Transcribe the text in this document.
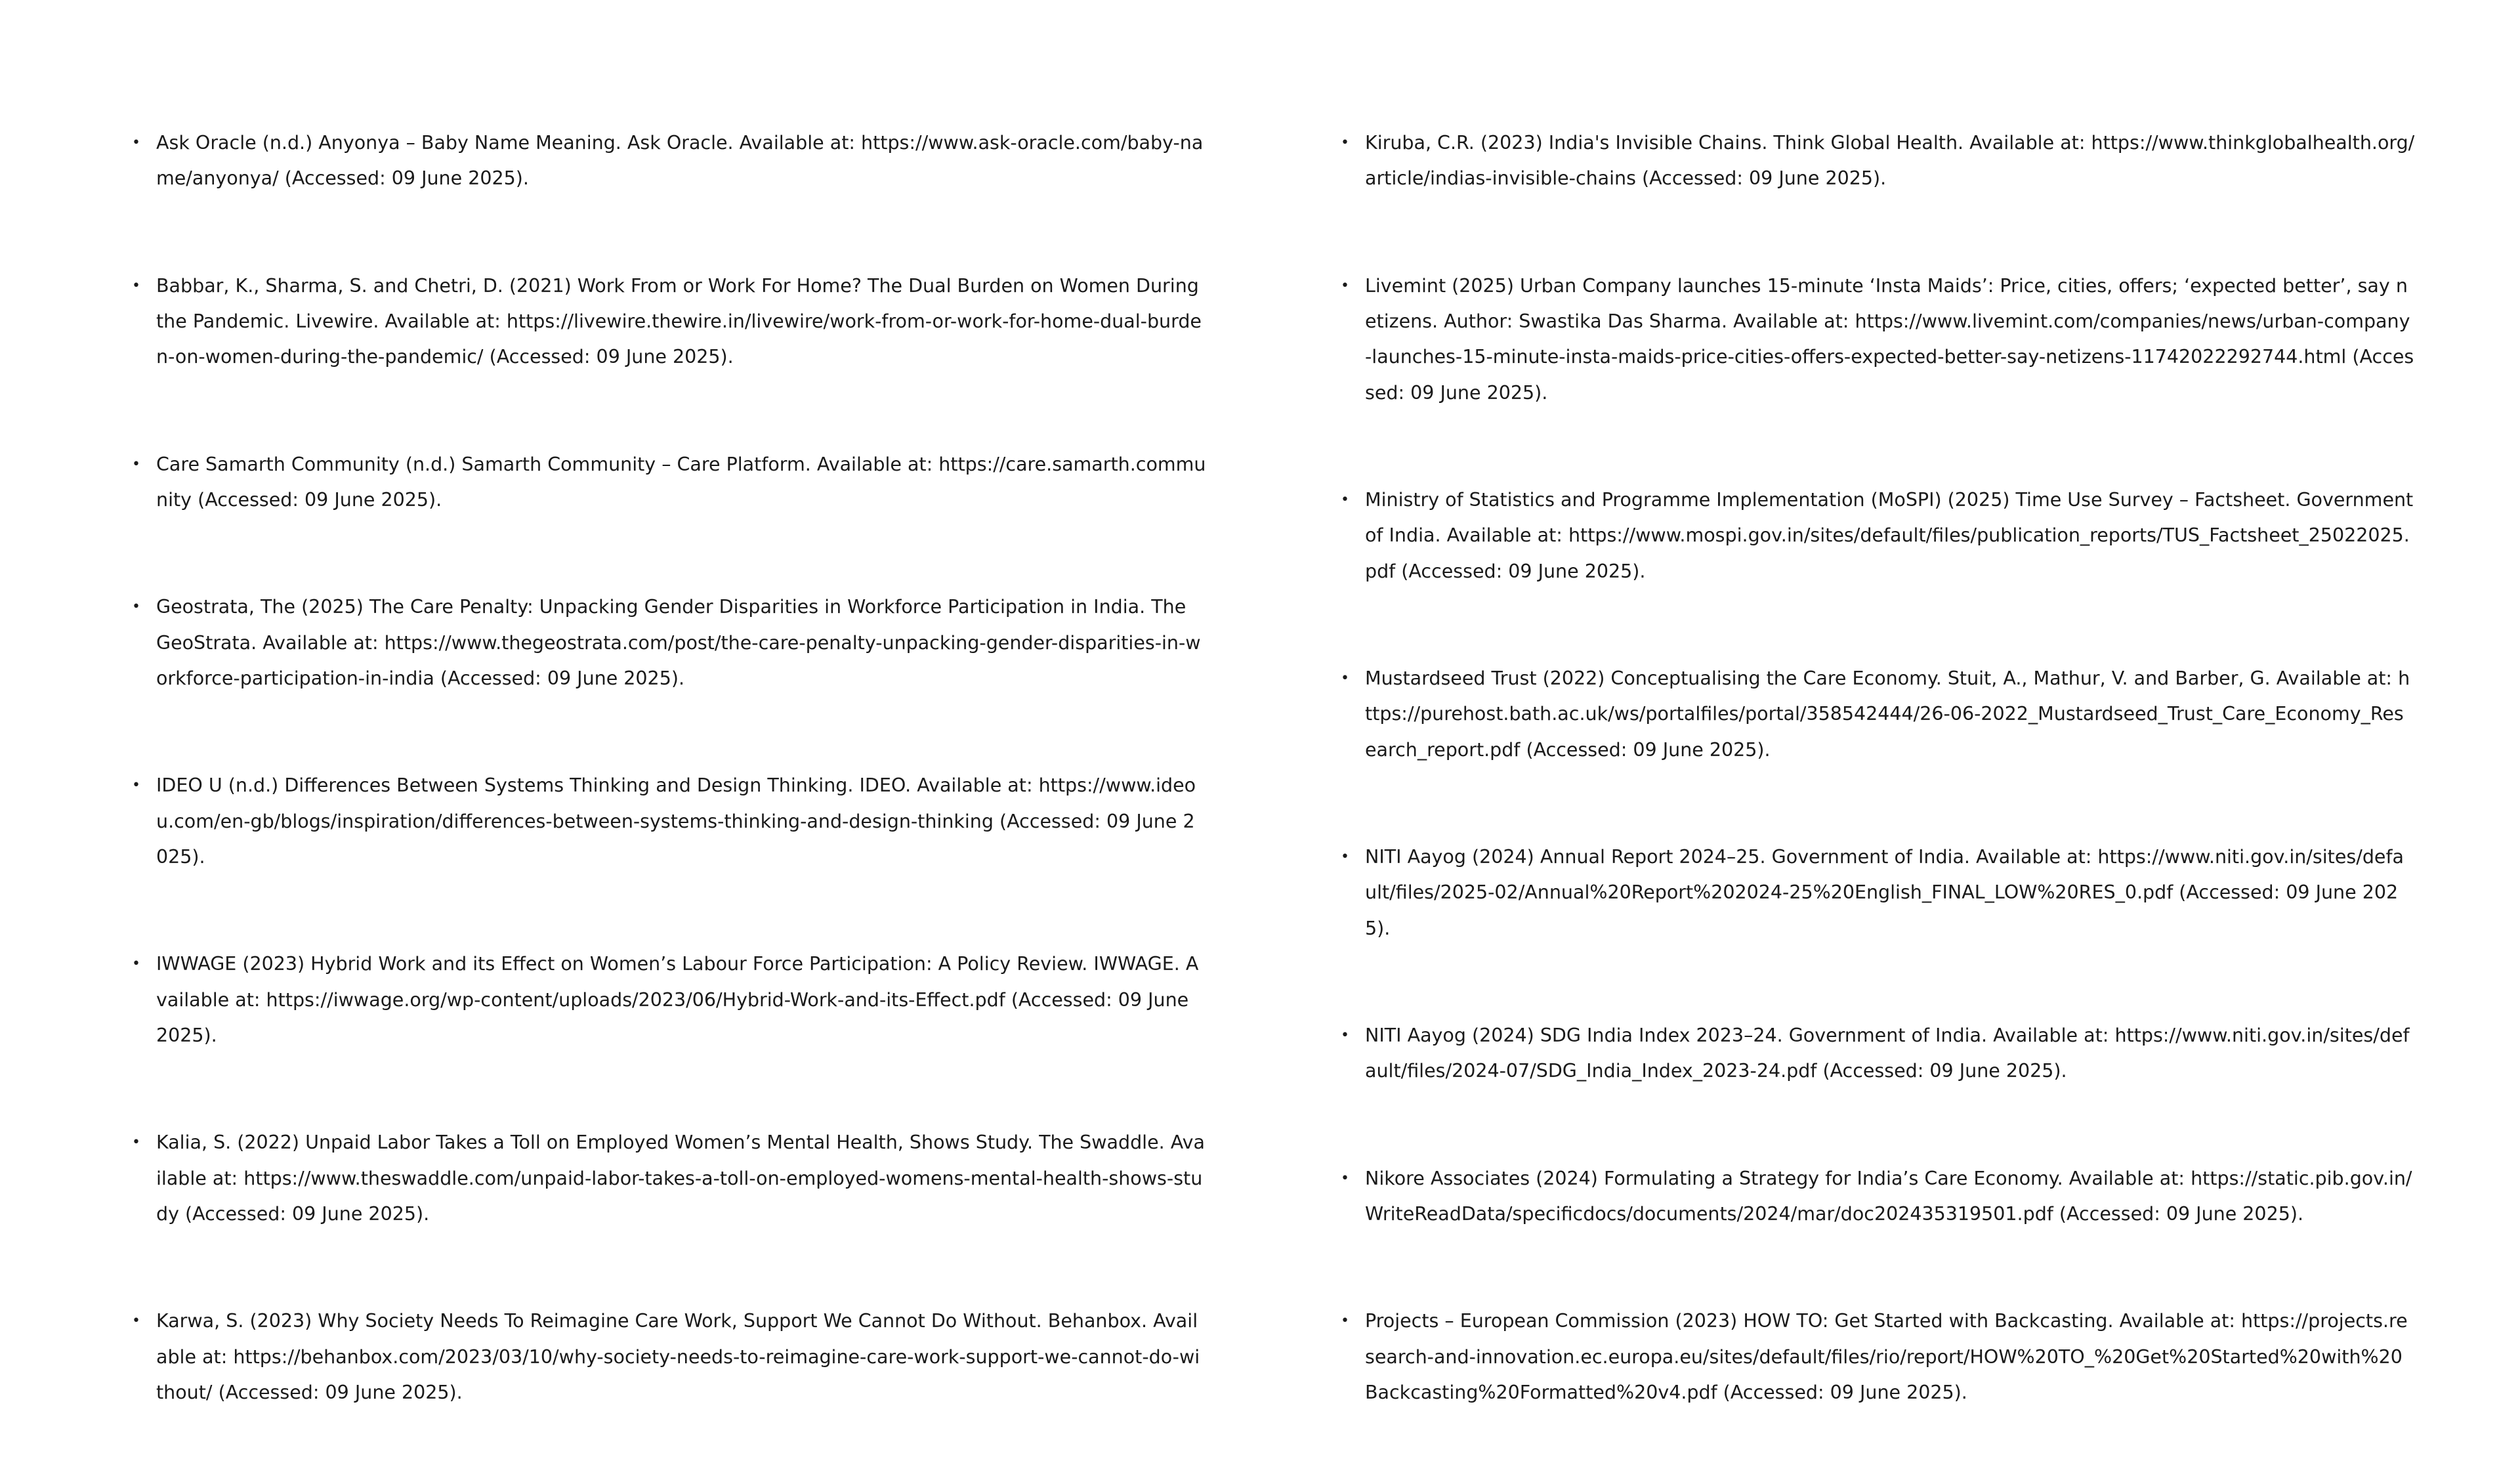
• Ask Oracle (n.d.) Anyonya – Baby Name Meaning. Ask Oracle. Available at: https://www.ask-oracle.com/baby-name/anyonya/ (Accessed: 09 June 2025).
• Babbar, K., Sharma, S. and Chetri, D. (2021) Work From or Work For Home? The Dual Burden on Women During the Pandemic. Livewire. Available at: https://livewire.thewire.in/livewire/work-from-or-work-for-home-dual-burden-on-women-during-the-pandemic/ (Accessed: 09 June 2025).
• Care Samarth Community (n.d.) Samarth Community – Care Platform. Available at: https://care.samarth.community (Accessed: 09 June 2025).
• Geostrata, The (2025) The Care Penalty: Unpacking Gender Disparities in Workforce Participation in India. The GeoStrata. Available at: https://www.thegeostrata.com/post/the-care-penalty-unpacking-gender-disparities-in-workforce-participation-in-india (Accessed: 09 June 2025).
• IDEO U (n.d.) Differences Between Systems Thinking and Design Thinking. IDEO. Available at: https://www.ideou.com/en-gb/blogs/inspiration/differences-between-systems-thinking-and-design-thinking (Accessed: 09 June 2025).
• IWWAGE (2023) Hybrid Work and its Effect on Women’s Labour Force Participation: A Policy Review. IWWAGE. Available at: https://iwwage.org/wp-content/uploads/2023/06/Hybrid-Work-and-its-Effect.pdf (Accessed: 09 June 2025).
• Kalia, S. (2022) Unpaid Labor Takes a Toll on Employed Women’s Mental Health, Shows Study. The Swaddle. Available at: https://www.theswaddle.com/unpaid-labor-takes-a-toll-on-employed-womens-mental-health-shows-study (Accessed: 09 June 2025).
• Karwa, S. (2023) Why Society Needs To Reimagine Care Work, Support We Cannot Do Without. Behanbox. Available at: https://behanbox.com/2023/03/10/why-society-needs-to-reimagine-care-work-support-we-cannot-do-without/ (Accessed: 09 June 2025).
• Kiruba, C.R. (2023) India's Invisible Chains. Think Global Health. Available at: https://www.thinkglobalhealth.org/article/indias-invisible-chains (Accessed: 09 June 2025).
• Livemint (2025) Urban Company launches 15-minute ‘Insta Maids’: Price, cities, offers; ‘expected better’, say netizens. Author: Swastika Das Sharma. Available at: https://www.livemint.com/companies/news/urban-company-launches-15-minute-insta-maids-price-cities-offers-expected-better-say-netizens-11742022292744.html (Accessed: 09 June 2025).
• Ministry of Statistics and Programme Implementation (MoSPI) (2025) Time Use Survey – Factsheet. Government of India. Available at: https://www.mospi.gov.in/sites/default/files/publication_reports/TUS_Factsheet_25022025.pdf (Accessed: 09 June 2025).
• Mustardseed Trust (2022) Conceptualising the Care Economy. Stuit, A., Mathur, V. and Barber, G. Available at: https://purehost.bath.ac.uk/ws/portalfiles/portal/358542444/26-06-2022_Mustardseed_Trust_Care_Economy_Research_report.pdf (Accessed: 09 June 2025).
• NITI Aayog (2024) Annual Report 2024–25. Government of India. Available at: https://www.niti.gov.in/sites/default/files/2025-02/Annual%20Report%202024-25%20English_FINAL_LOW%20RES_0.pdf (Accessed: 09 June 2025).
• NITI Aayog (2024) SDG India Index 2023–24. Government of India. Available at: https://www.niti.gov.in/sites/default/files/2024-07/SDG_India_Index_2023-24.pdf (Accessed: 09 June 2025).
• Nikore Associates (2024) Formulating a Strategy for India’s Care Economy. Available at: https://static.pib.gov.in/WriteReadData/specificdocs/documents/2024/mar/doc202435319501.pdf (Accessed: 09 June 2025).
• Projects – European Commission (2023) HOW TO: Get Started with Backcasting. Available at: https://projects.research-and-innovation.ec.europa.eu/sites/default/files/rio/report/HOW%20TO_%20Get%20Started%20with%20Backcasting%20Formatted%20v4.pdf (Accessed: 09 June 2025).
